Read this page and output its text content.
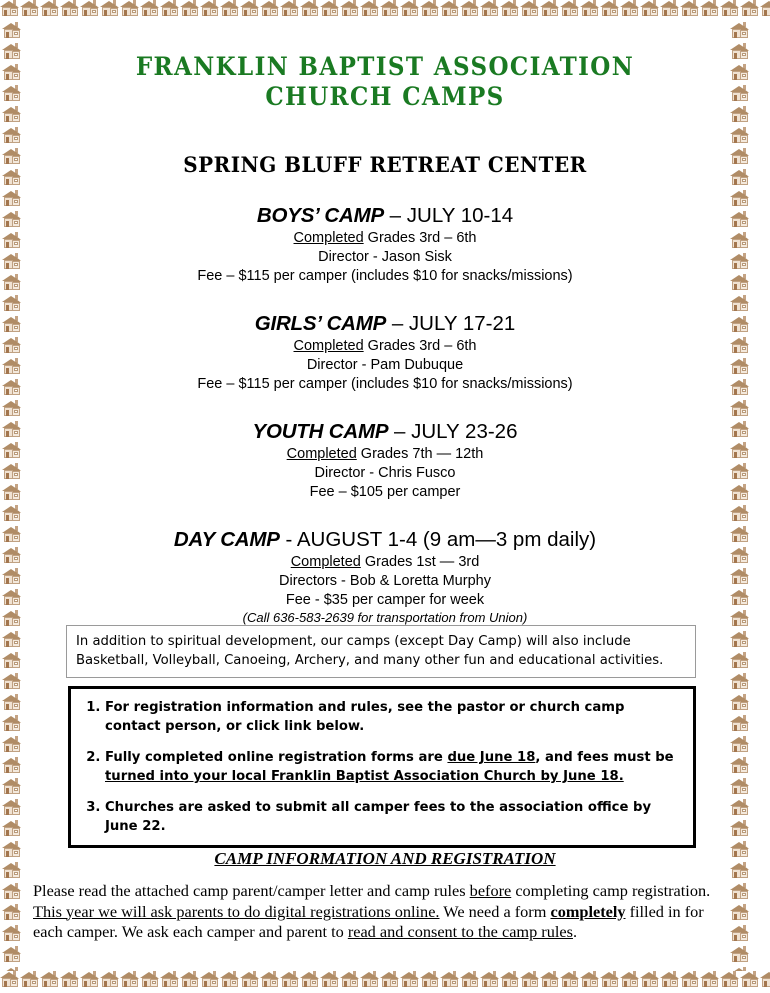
FRANKLIN BAPTIST ASSOCIATION
CHURCH CAMPS
SPRING BLUFF RETREAT CENTER
BOYS’ CAMP – JULY 10-14
Completed Grades 3rd – 6th
Director - Jason Sisk
Fee – $115 per camper (includes $10 for snacks/missions)
GIRLS’ CAMP – JULY 17-21
Completed Grades 3rd – 6th
Director - Pam Dubuque
Fee – $115 per camper (includes $10 for snacks/missions)
YOUTH CAMP – JULY 23-26
Completed Grades 7th — 12th
Director - Chris Fusco
Fee – $105 per camper
DAY CAMP - AUGUST 1-4 (9 am—3 pm daily)
Completed Grades 1st — 3rd
Directors - Bob & Loretta Murphy
Fee - $35 per camper for week
(Call 636-583-2639 for transportation from Union)
In addition to spiritual development, our camps (except Day Camp) will also include Basketball, Volleyball, Canoeing, Archery, and many other fun and educational activities.
1. For registration information and rules, see the pastor or church camp contact person, or click link below.
2. Fully completed online registration forms are due June 18, and fees must be turned into your local Franklin Baptist Association Church by June 18.
3. Churches are asked to submit all camper fees to the association office by June 22.
CAMP INFORMATION AND REGISTRATION
Please read the attached camp parent/camper letter and camp rules before completing camp registration. This year we will ask parents to do digital registrations online. We need a form completely filled in for each camper. We ask each camper and parent to read and consent to the camp rules.
